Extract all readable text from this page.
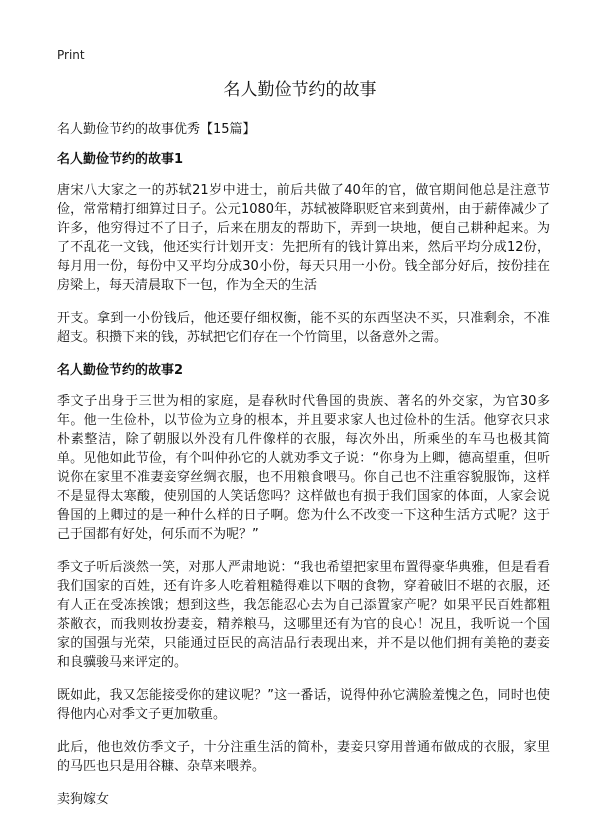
Print
名人勤俭节约的故事

名人勤俭节约的故事优秀【15篇】

名人勤俭节约的故事1

唐宋八大家之一的苏轼21岁中进士，前后共做了40年的官，做官期间他总是注意节俭，常常精打细算过日子。公元1080年，苏轼被降职贬官来到黄州，由于薪俸减少了许多，他穷得过不了日子，后来在朋友的帮助下，弄到一块地，便自己耕种起来。为了不乱花一文钱，他还实行计划开支：先把所有的钱计算出来，然后平均分成12份，每月用一份，每份中又平均分成30小份，每天只用一小份。钱全部分好后，按份挂在房梁上，每天清晨取下一包，作为全天的生活

开支。拿到一小份钱后，他还要仔细权衡，能不买的东西坚决不买，只准剩余，不准超支。积攒下来的钱，苏轼把它们存在一个竹筒里，以备意外之需。

名人勤俭节约的故事2

季文子出身于三世为相的家庭，是春秋时代鲁国的贵族、著名的外交家，为官30多年。他一生俭朴，以节俭为立身的根本，并且要求家人也过俭朴的生活。他穿衣只求朴素整洁，除了朝服以外没有几件像样的衣服，每次外出，所乘坐的车马也极其简单。见他如此节俭，有个叫仲孙它的人就劝季文子说：“你身为上卿，德高望重，但听说你在家里不准妻妾穿丝绸衣服，也不用粮食喂马。你自己也不注重容貌服饰，这样不是显得太寒酸，使别国的人笑话您吗？这样做也有损于我们国家的体面，人家会说鲁国的上卿过的是一种什么样的日子啊。您为什么不改变一下这种生活方式呢？这于己于国都有好处，何乐而不为呢？”

季文子听后淡然一笑，对那人严肃地说：“我也希望把家里布置得豪华典雅，但是看看我们国家的百姓，还有许多人吃着粗糙得难以下咽的食物，穿着破旧不堪的衣服，还有人正在受冻挨饿；想到这些，我怎能忍心去为自己添置家产呢？如果平民百姓都粗茶敝衣，而我则妆扮妻妾，精养粮马，这哪里还有为官的良心！况且，我听说一个国家的国强与光荣，只能通过臣民的高洁品行表现出来，并不是以他们拥有美艳的妻妾和良骥骏马来评定的。

既如此，我又怎能接受你的建议呢？”这一番话，说得仲孙它满脸羞愧之色，同时也使得他内心对季文子更加敬重。

此后，他也效仿季文子，十分注重生活的简朴，妻妾只穿用普通布做成的衣服，家里的马匹也只是用谷糠、杂草来喂养。

卖狗嫁女
